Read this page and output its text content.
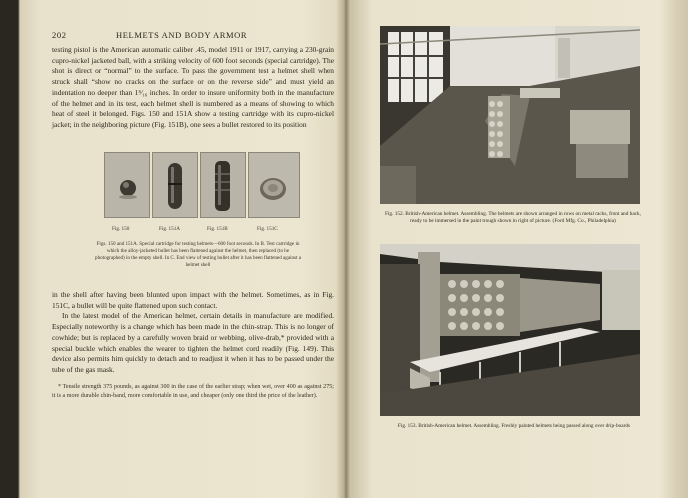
202	HELMETS AND BODY ARMOR

testing pistol is the American automatic caliber .45, model 1911 or 1917, carrying a 230-grain cupro-nickel jacketed ball, with a striking velocity of 600 foot seconds (special cartridge). The shot is direct or “normal” to the surface. To pass the government test a helmet shell when struck shall “show no cracks on the surface or on the reverse side” and must yield an indentation no deeper than 1⁵⁄₁₆ inches. In order to insure uniformity both in the manufacture of the helmet and in its test, each helmet shell is numbered as a means of showing to which heat of steel it belonged. Figs. 150 and 151A show a testing cartridge with its cupro-nickel jacket; in the neighboring picture (Fig. 151B), one sees a bullet restored to its position

Fig. 150	Fig. 151A	Fig. 151B	Fig. 151C

Figs. 150 and 151A. Special cartridge for testing helmets—600 foot seconds. In B. Test cartridge in which the alloy-jacketed bullet has been flattened against the helmet, then replaced (to be photographed) in the empty shell. In C. End view of testing bullet after it has been flattened against a helmet shell

in the shell after having been blunted upon impact with the helmet. Sometimes, as in Fig. 151C, a bullet will be quite flattened upon such contact.
In the latest model of the American helmet, certain details in manufacture are modified. Especially noteworthy is a change which has been made in the chin-strap. This is no longer of cowhide; but is replaced by a carefully woven braid or webbing, olive-drab,* provided with a special buckle which enables the wearer to tighten the helmet cord readily (Fig. 149). This device also permits him quickly to detach and to readjust it when it has to be passed under the tube of the gas mask.

* Tensile strength 375 pounds, as against 300 in the case of the earlier strap; when wet, over 400 as against 275; it is a more durable chin-band, more comfortable in use, and cheaper (only one third the price of the leather).

Fig. 152. British-American helmet. Assembling. The helmets are shown arranged in rows on metal racks, front and back, ready to be immersed in the paint trough shown in right of picture. (Ford Mfg. Co., Philadelphia)

Fig. 153. British-American helmet. Assembling. Freshly painted helmets being passed along over drip-boards
